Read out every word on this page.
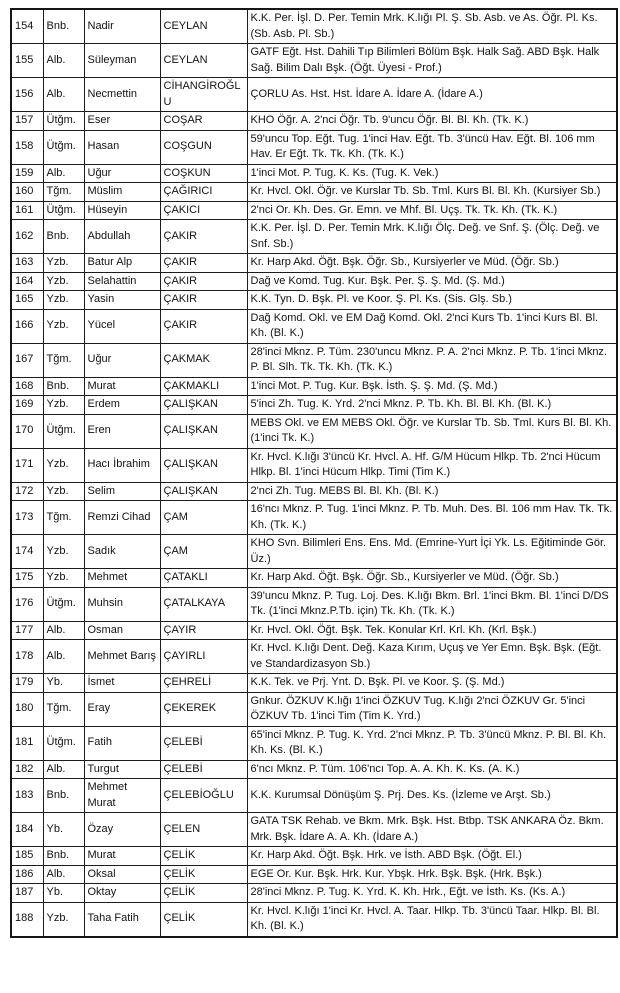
154	Bnb.	Nadir	CEYLAN	K.K. Per. İşl. D. Per. Temin Mrk. K.lığı Pl. Ş. Sb. Asb. ve As. Öğr. Pl. Ks. (Sb. Asb. Pl. Sb.)
155	Alb.	Süleyman	CEYLAN	GATF Eğt. Hst. Dahili Tıp Bilimleri Bölüm Bşk. Halk Sağ. ABD Bşk. Halk Sağ. Bilim Dalı Bşk. (Öğt. Üyesi - Prof.)
156	Alb.	Necmettin	CİHANGİROĞLU	ÇORLU As. Hst. Hst. İdare A. İdare A. (İdare A.)
157	Ütğm.	Eser	COŞAR	KHO Öğr. A. 2'nci Öğr. Tb. 9'uncu Öğr. Bl. Bl. Kh. (Tk. K.)
158	Ütğm.	Hasan	COŞGUN	59'uncu Top. Eğt. Tug. 1'inci Hav. Eğt. Tb. 3'üncü Hav. Eğt. Bl. 106 mm Hav. Er Eğt. Tk. Tk. Kh. (Tk. K.)
159	Alb.	Uğur	COŞKUN	1'inci Mot. P. Tug. K. Ks. (Tug. K. Vek.)
160	Tğm.	Müslim	ÇAĞIRICI	Kr. Hvcl. Okl. Öğr. ve Kurslar Tb. Sb. Tml. Kurs Bl. Bl. Kh. (Kursiyer Sb.)
161	Ütğm.	Hüseyin	ÇAKICI	2'nci Or. Kh. Des. Gr. Emn. ve Mhf. Bl. Uçş. Tk. Tk. Kh. (Tk. K.)
162	Bnb.	Abdullah	ÇAKIR	K.K. Per. İşl. D. Per. Temin Mrk. K.lığı Ölç. Değ. ve Snf. Ş. (Ölç. Değ. ve Snf. Sb.)
163	Yzb.	Batur Alp	ÇAKIR	Kr. Harp Akd. Öğt. Bşk. Öğr. Sb., Kursiyerler ve Müd. (Öğr. Sb.)
164	Yzb.	Selahattin	ÇAKIR	Dağ ve Komd. Tug. Kur. Bşk. Per. Ş. Ş. Md. (Ş. Md.)
165	Yzb.	Yasin	ÇAKIR	K.K. Tyn. D. Bşk. Pl. ve Koor. Ş. Pl. Ks. (Sis. Glş. Sb.)
166	Yzb.	Yücel	ÇAKIR	Dağ Komd. Okl. ve EM Dağ Komd. Okl. 2'nci Kurs Tb. 1'inci Kurs Bl. Bl. Kh. (Bl. K.)
167	Tğm.	Uğur	ÇAKMAK	28'inci Mknz. P. Tüm. 230'uncu Mknz. P. A. 2'nci Mknz. P. Tb. 1'inci Mknz. P. Bl. Slh. Tk. Tk. Kh. (Tk. K.)
168	Bnb.	Murat	ÇAKMAKLI	1'inci Mot. P. Tug. Kur. Bşk. İsth. Ş. Ş. Md. (Ş. Md.)
169	Yzb.	Erdem	ÇALIŞKAN	5'inci Zh. Tug. K. Yrd. 2'nci Mknz. P. Tb. Kh. Bl. Bl. Kh. (Bl. K.)
170	Ütğm.	Eren	ÇALIŞKAN	MEBS Okl. ve EM MEBS Okl. Öğr. ve Kurslar Tb. Sb. Tml. Kurs Bl. Bl. Kh. (1'inci Tk. K.)
171	Yzb.	Hacı İbrahim	ÇALIŞKAN	Kr. Hvcl. K.lığı 3'üncü Kr. Hvcl. A. Hf. G/M Hücum Hlkp. Tb. 2'nci Hücum Hlkp. Bl. 1'inci Hücum Hlkp. Timi (Tim K.)
172	Yzb.	Selim	ÇALIŞKAN	2'nci Zh. Tug. MEBS Bl. Bl. Kh. (Bl. K.)
173	Tğm.	Remzi Cihad	ÇAM	16'ncı Mknz. P. Tug. 1'inci Mknz. P. Tb. Muh. Des. Bl. 106 mm Hav. Tk. Tk. Kh. (Tk. K.)
174	Yzb.	Sadık	ÇAM	KHO Svn. Bilimleri Ens. Ens. Md. (Emrine-Yurt İçi Yk. Ls. Eğitiminde Gör. Üz.)
175	Yzb.	Mehmet	ÇATAKLI	Kr. Harp Akd. Öğt. Bşk. Öğr. Sb., Kursiyerler ve Müd. (Öğr. Sb.)
176	Ütğm.	Muhsin	ÇATALKAYA	39'uncu Mknz. P. Tug. Loj. Des. K.lığı Bkm. Brl. 1'inci Bkm. Bl. 1'inci D/DS Tk. (1'inci Mknz.P.Tb. için) Tk. Kh. (Tk. K.)
177	Alb.	Osman	ÇAYIR	Kr. Hvcl. Okl. Öğt. Bşk. Tek. Konular Krl. Krl. Kh. (Krl. Bşk.)
178	Alb.	Mehmet Barış	ÇAYIRLI	Kr. Hvcl. K.lığı Dent. Değ. Kaza Kırım, Uçuş ve Yer Emn. Bşk. Bşk. (Eğt. ve Standardizasyon Sb.)
179	Yb.	İsmet	ÇEHRELİ	K.K. Tek. ve Prj. Ynt. D. Bşk. Pl. ve Koor. Ş. (Ş. Md.)
180	Tğm.	Eray	ÇEKEREK	Gnkur. ÖZKUV K.lığı 1'inci ÖZKUV Tug. K.lığı 2'nci ÖZKUV Gr. 5'inci ÖZKUV Tb. 1'inci Tim (Tim K. Yrd.)
181	Ütğm.	Fatih	ÇELEBİ	65'inci Mknz. P. Tug. K. Yrd. 2'nci Mknz. P. Tb. 3'üncü Mknz. P. Bl. Bl. Kh. Kh. Ks. (Bl. K.)
182	Alb.	Turgut	ÇELEBİ	6'ncı Mknz. P. Tüm. 106'ncı Top. A. A. Kh. K. Ks. (A. K.)
183	Bnb.	Mehmet Murat	ÇELEBİOĞLU	K.K. Kurumsal Dönüşüm Ş. Prj. Des. Ks. (İzleme ve Arşt. Sb.)
184	Yb.	Özay	ÇELEN	GATA TSK Rehab. ve Bkm. Mrk. Bşk. Hst. Btbp. TSK ANKARA Öz. Bkm. Mrk. Bşk. İdare A. A. Kh. (İdare A.)
185	Bnb.	Murat	ÇELİK	Kr. Harp Akd. Öğt. Bşk. Hrk. ve İsth. ABD Bşk. (Öğt. El.)
186	Alb.	Oksal	ÇELİK	EGE Or. Kur. Bşk. Hrk. Kur. Ybşk. Hrk. Bşk. Bşk. (Hrk. Bşk.)
187	Yb.	Oktay	ÇELİK	28'inci Mknz. P. Tug. K. Yrd. K. Kh. Hrk., Eğt. ve İsth. Ks. (Ks. A.)
188	Yzb.	Taha Fatih	ÇELİK	Kr. Hvcl. K.lığı 1'inci Kr. Hvcl. A. Taar. Hlkp. Tb. 3'üncü Taar. Hlkp. Bl. Bl. Kh. (Bl. K.)
